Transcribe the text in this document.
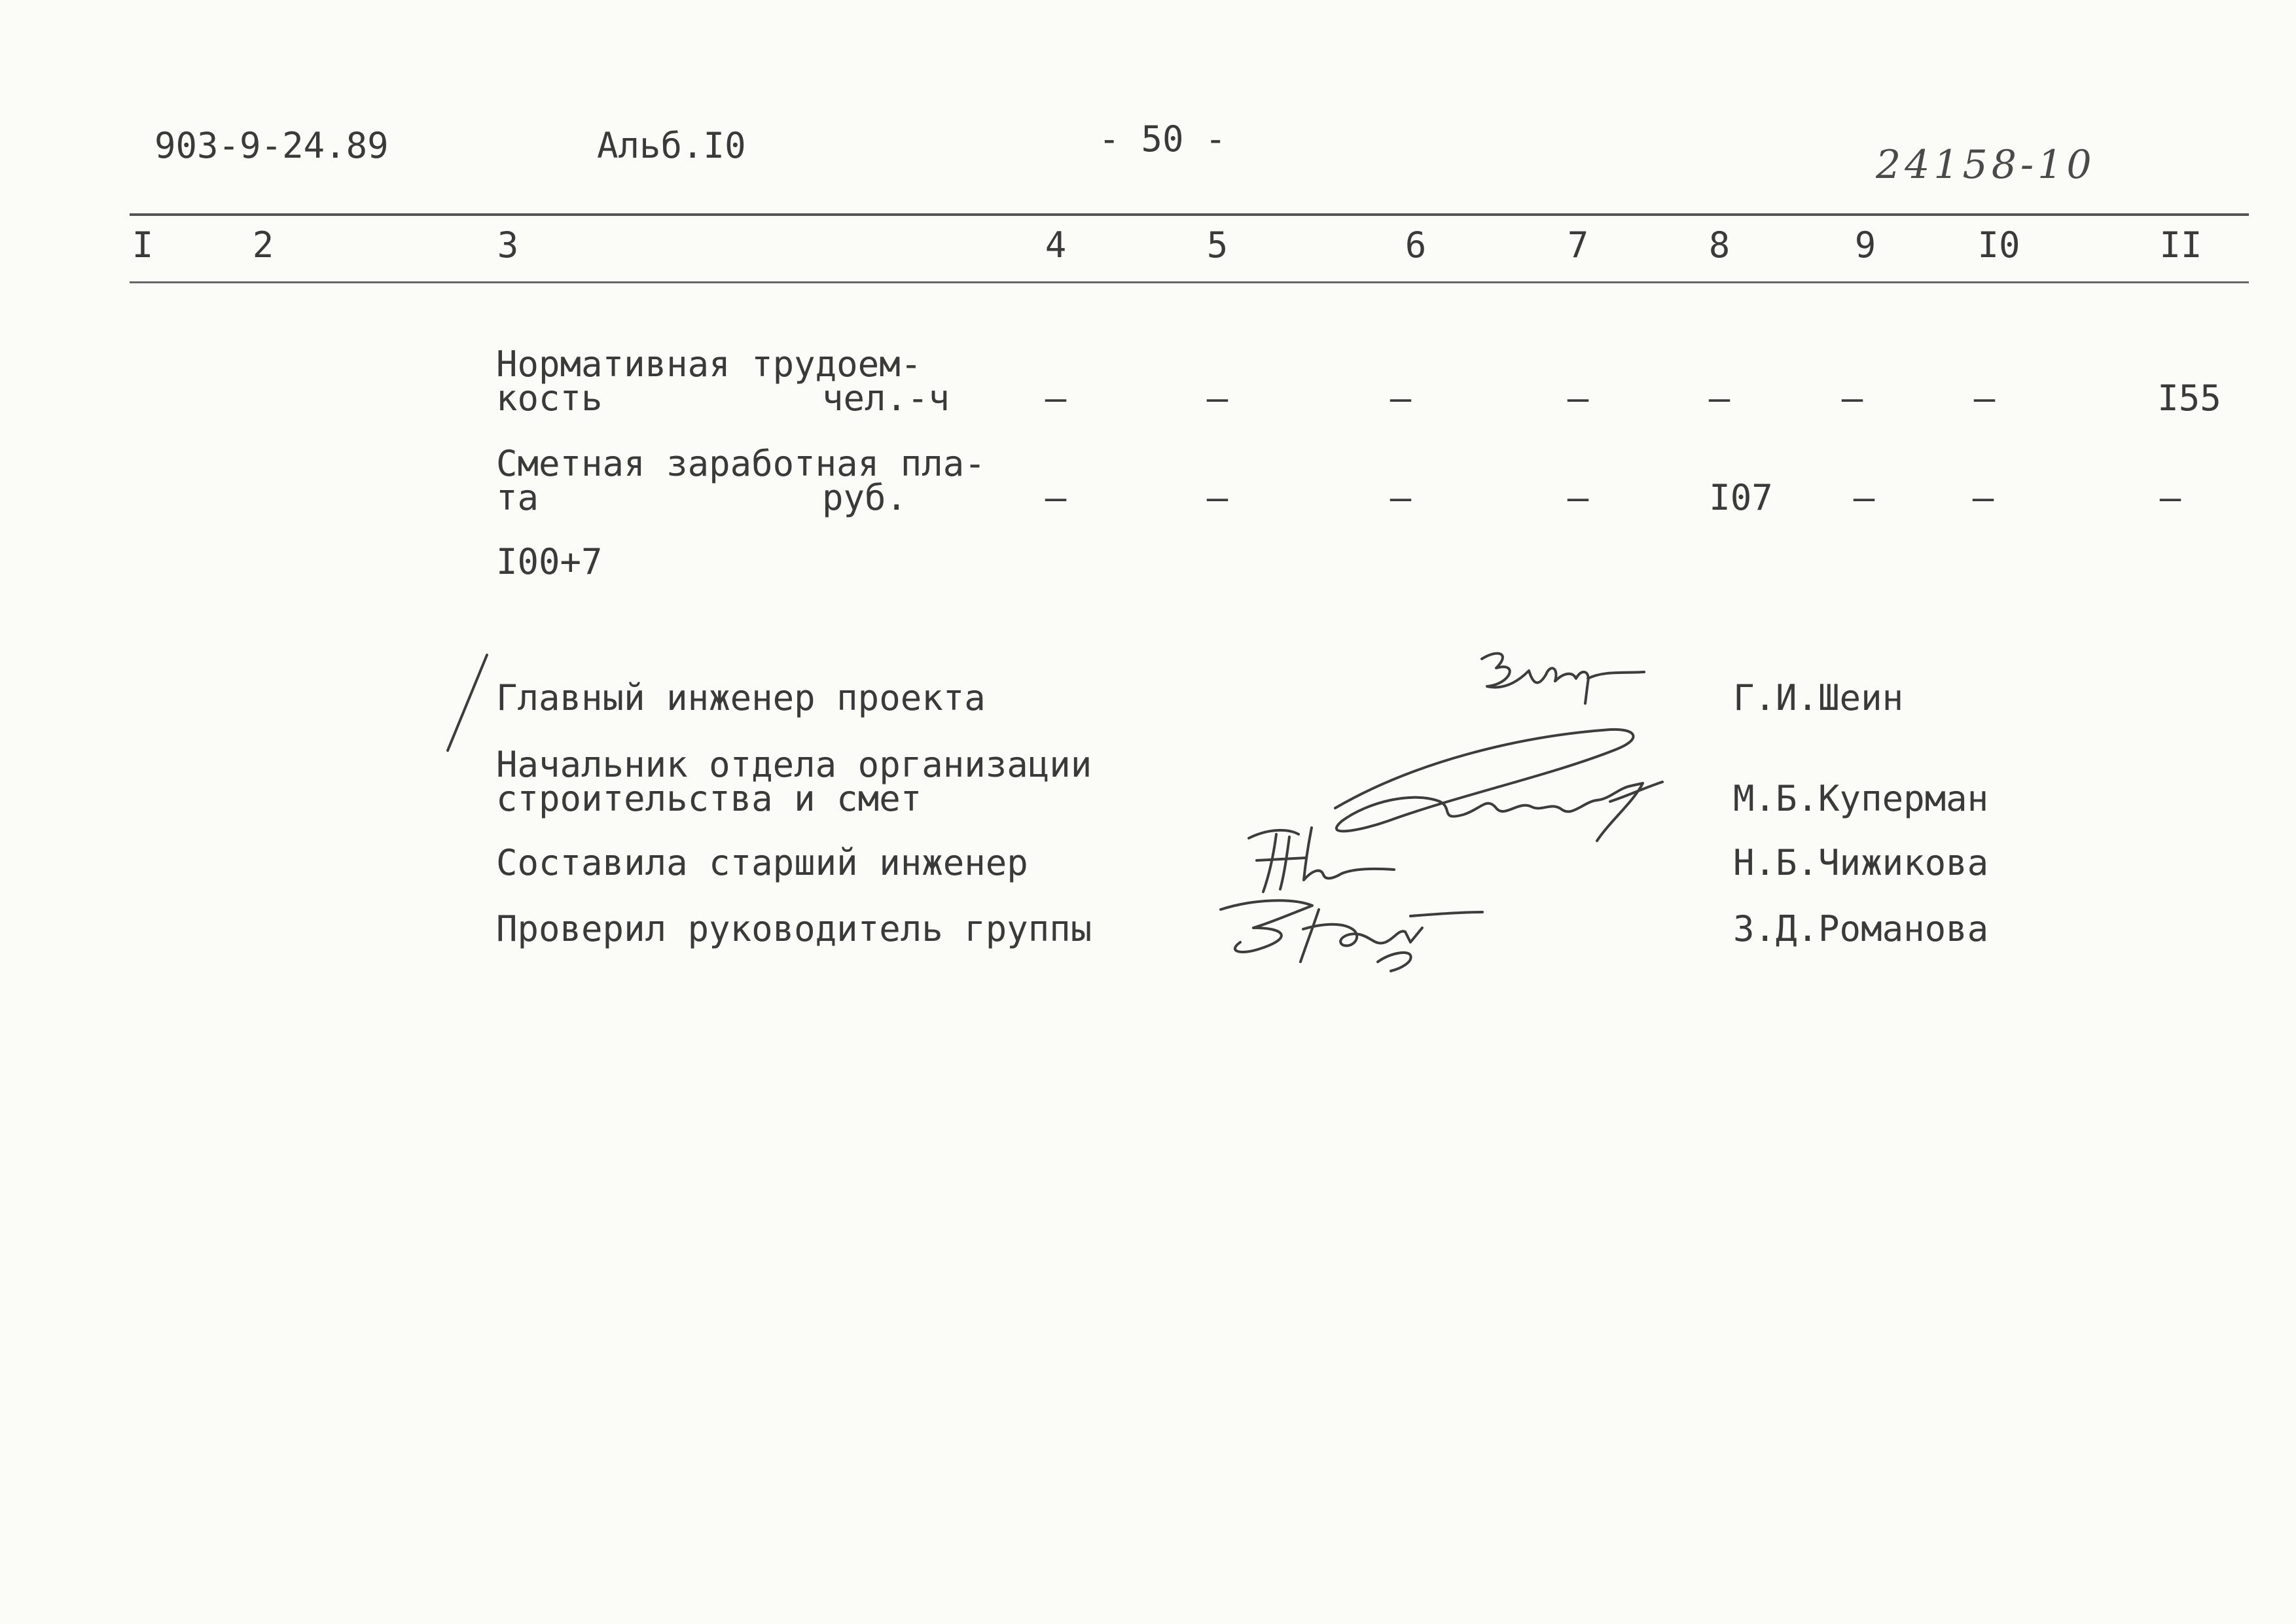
903-9-24.89	Альб.I0	- 50 -
24158-10
I	2	3	4	5	6	7	8	9	I0	II
Нормативная трудоем-
кость	чел.-ч	–	–	–	–	–	–	–	I55
Сметная заработная пла-
та	руб.	–	–	–	–	I07 –	–	–
I00+7
Главный инженер проекта	Г.И.Шеин
Начальник отдела организации
строительства и смет	М.Б.Куперман
Составила старший инженер	Н.Б.Чижикова
Проверил руководитель группы	З.Д.Романова
